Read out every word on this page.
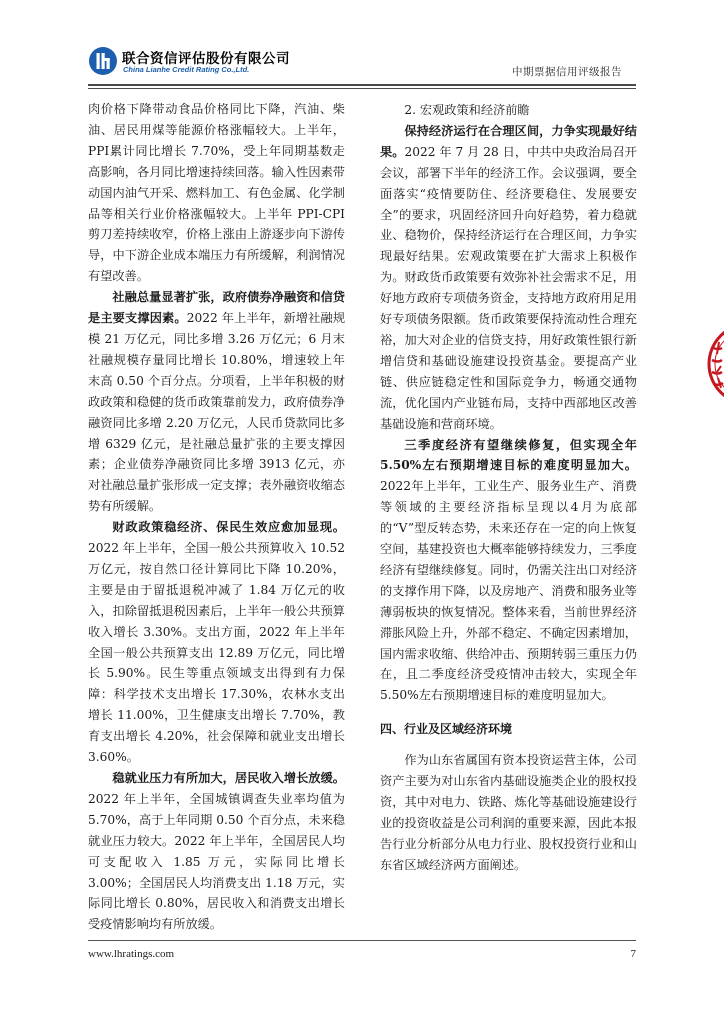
联合资信评估股份有限公司
China Lianhe Credit Rating Co.,Ltd.	中期票据信用评级报告

肉价格下降带动食品价格同比下降，汽油、柴油、居民用煤等能源价格涨幅较大。上半年，PPI累计同比增长 7.70%，受上年同期基数走高影响，各月同比增速持续回落。输入性因素带动国内油气开采、燃料加工、有色金属、化学制品等相关行业价格涨幅较大。上半年 PPI-CPI 剪刀差持续收窄，价格上涨由上游逐步向下游传导，中下游企业成本端压力有所缓解，利润情况有望改善。

社融总量显著扩张，政府债券净融资和信贷是主要支撑因素。2022 年上半年，新增社融规模 21 万亿元，同比多增 3.26 万亿元；6 月末社融规模存量同比增长 10.80%，增速较上年末高 0.50 个百分点。分项看，上半年积极的财政政策和稳健的货币政策靠前发力，政府债券净融资同比多增 2.20 万亿元，人民币贷款同比多增 6329 亿元，是社融总量扩张的主要支撑因素；企业债券净融资同比多增 3913 亿元，亦对社融总量扩张形成一定支撑；表外融资收缩态势有所缓解。

财政政策稳经济、保民生效应愈加显现。2022 年上半年，全国一般公共预算收入 10.52 万亿元，按自然口径计算同比下降 10.20%，主要是由于留抵退税冲减了 1.84 万亿元的收入，扣除留抵退税因素后，上半年一般公共预算收入增长 3.30%。支出方面，2022 年上半年全国一般公共预算支出 12.89 万亿元，同比增长 5.90%。民生等重点领域支出得到有力保障：科学技术支出增长 17.30%，农林水支出增长 11.00%，卫生健康支出增长 7.70%，教育支出增长 4.20%，社会保障和就业支出增长 3.60%。

稳就业压力有所加大，居民收入增长放缓。2022 年上半年，全国城镇调查失业率均值为 5.70%，高于上年同期 0.50 个百分点，未来稳就业压力较大。2022 年上半年，全国居民人均可支配收入 1.85 万元，实际同比增长 3.00%；全国居民人均消费支出 1.18 万元，实际同比增长 0.80%，居民收入和消费支出增长受疫情影响均有所放缓。

2. 宏观政策和经济前瞻

保持经济运行在合理区间，力争实现最好结果。2022 年 7 月 28 日，中共中央政治局召开会议，部署下半年的经济工作。会议强调，要全面落实“疫情要防住、经济要稳住、发展要安全”的要求，巩固经济回升向好趋势，着力稳就业、稳物价，保持经济运行在合理区间，力争实现最好结果。宏观政策要在扩大需求上积极作为。财政货币政策要有效弥补社会需求不足，用好地方政府专项债务资金，支持地方政府用足用好专项债务限额。货币政策要保持流动性合理充裕，加大对企业的信贷支持，用好政策性银行新增信贷和基础设施建设投资基金。要提高产业链、供应链稳定性和国际竞争力，畅通交通物流，优化国内产业链布局，支持中西部地区改善基础设施和营商环境。

三季度经济有望继续修复，但实现全年 5.50%左右预期增速目标的难度明显加大。2022年上半年，工业生产、服务业生产、消费等领域的主要经济指标呈现以4月为底部的“V”型反转态势，未来还存在一定的向上恢复空间，基建投资也大概率能够持续发力，三季度经济有望继续修复。同时，仍需关注出口对经济的支撑作用下降，以及房地产、消费和服务业等薄弱板块的恢复情况。整体来看，当前世界经济滞胀风险上升，外部不稳定、不确定因素增加，国内需求收缩、供给冲击、预期转弱三重压力仍在，且二季度经济受疫情冲击较大，实现全年5.50%左右预期增速目标的难度明显加大。

四、行业及区域经济环境

作为山东省属国有资本投资运营主体，公司资产主要为对山东省内基础设施类企业的股权投资，其中对电力、铁路、炼化等基础设施建设行业的投资收益是公司利润的重要来源，因此本报告行业分析部分从电力行业、股权投资行业和山东省区域经济两方面阐述。

www.lhratings.com	7
